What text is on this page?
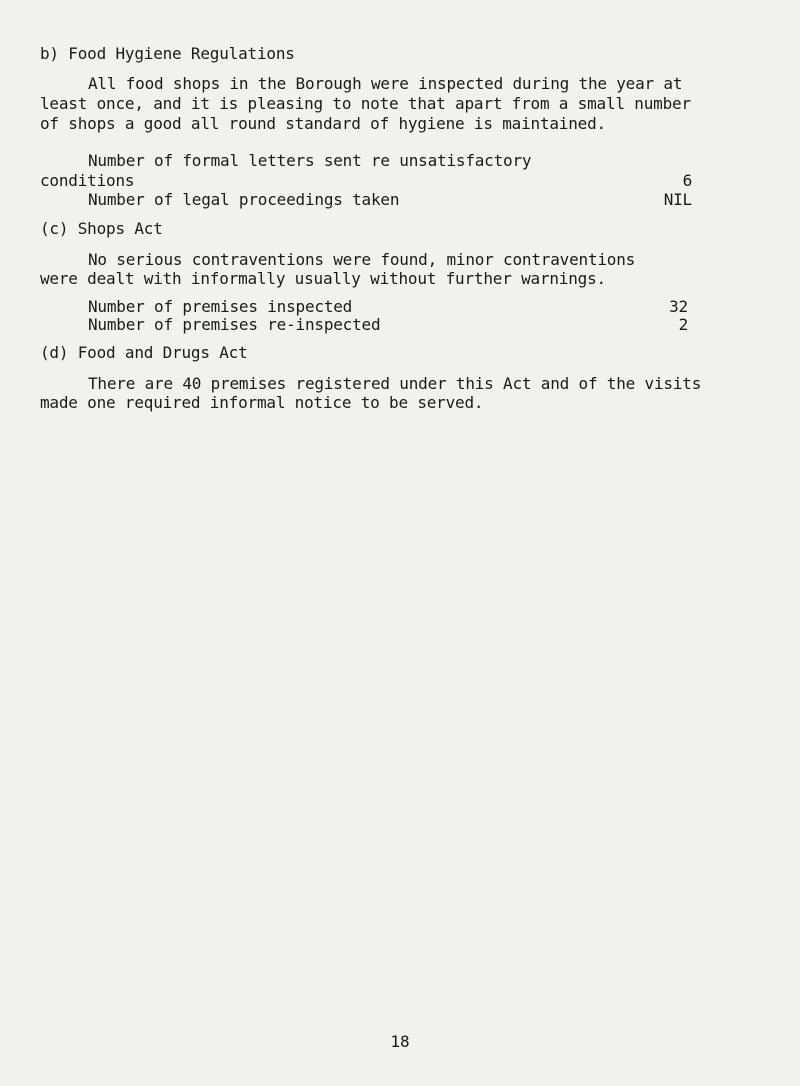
b) Food Hygiene Regulations
All food shops in the Borough were inspected during the year at
least once, and it is pleasing to note that apart from a small number
of shops a good all round standard of hygiene is maintained.
Number of formal letters sent re unsatisfactory
conditions	6
Number of legal proceedings taken	NIL
(c) Shops Act
No serious contraventions were found, minor contraventions
were dealt with informally usually without further warnings.
Number of premises inspected	32
Number of premises re-inspected	2
(d) Food and Drugs Act
There are 40 premises registered under this Act and of the visits
made one required informal notice to be served.
18
